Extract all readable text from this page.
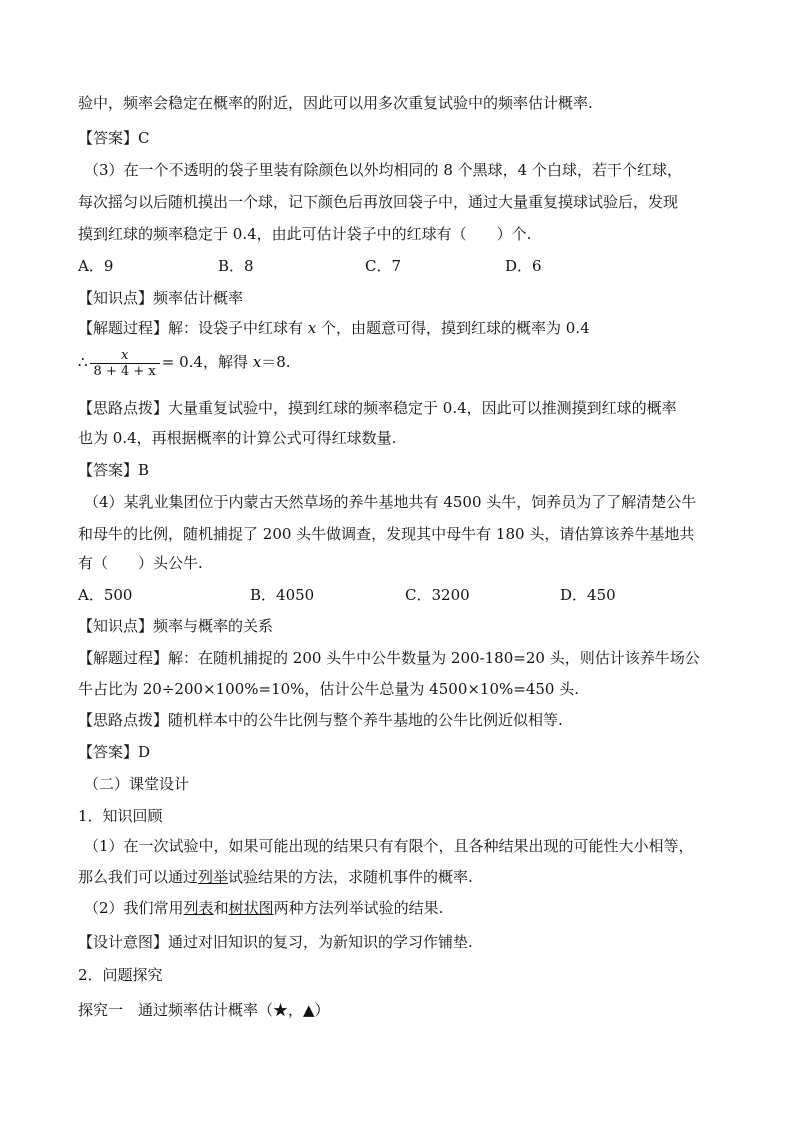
验中，频率会稳定在概率的附近，因此可以用多次重复试验中的频率估计概率.
【答案】C
（3）在一个不透明的袋子里装有除颜色以外均相同的 8 个黑球，4 个白球，若干个红球，
每次摇匀以后随机摸出一个球，记下颜色后再放回袋子中，通过大量重复摸球试验后，发现
摸到红球的频率稳定于 0.4，由此可估计袋子中的红球有（　　）个.
A．9	B．8	C．7	D．6
【知识点】频率估计概率
【解题过程】解：设袋子中红球有 x 个，由题意可得，摸到红球的概率为 0.4
∴ $\frac{x}{8 + 4 + x} = 0.4$，解得 x＝8.
【思路点拨】大量重复试验中，摸到红球的频率稳定于 0.4，因此可以推测摸到红球的概率
也为 0.4，再根据概率的计算公式可得红球数量.
【答案】B
（4）某乳业集团位于内蒙古天然草场的养牛基地共有 4500 头牛，饲养员为了了解清楚公牛
和母牛的比例，随机捕捉了 200 头牛做调查，发现其中母牛有 180 头，请估算该养牛基地共
有（　　）头公牛.
A．500	B．4050	C．3200	D．450
【知识点】频率与概率的关系
【解题过程】解：在随机捕捉的 200 头牛中公牛数量为 200-180=20 头，则估计该养牛场公
牛占比为 20÷200×100%=10%，估计公牛总量为 4500×10%=450 头.
【思路点拨】随机样本中的公牛比例与整个养牛基地的公牛比例近似相等.
【答案】D
（二）课堂设计
1．知识回顾
（1）在一次试验中，如果可能出现的结果只有有限个，且各种结果出现的可能性大小相等，
那么我们可以通过列举试验结果的方法，求随机事件的概率.
（2）我们常用列表和树状图两种方法列举试验的结果.
【设计意图】通过对旧知识的复习，为新知识的学习作铺垫.
2．问题探究
探究一　通过频率估计概率（★，▲）
